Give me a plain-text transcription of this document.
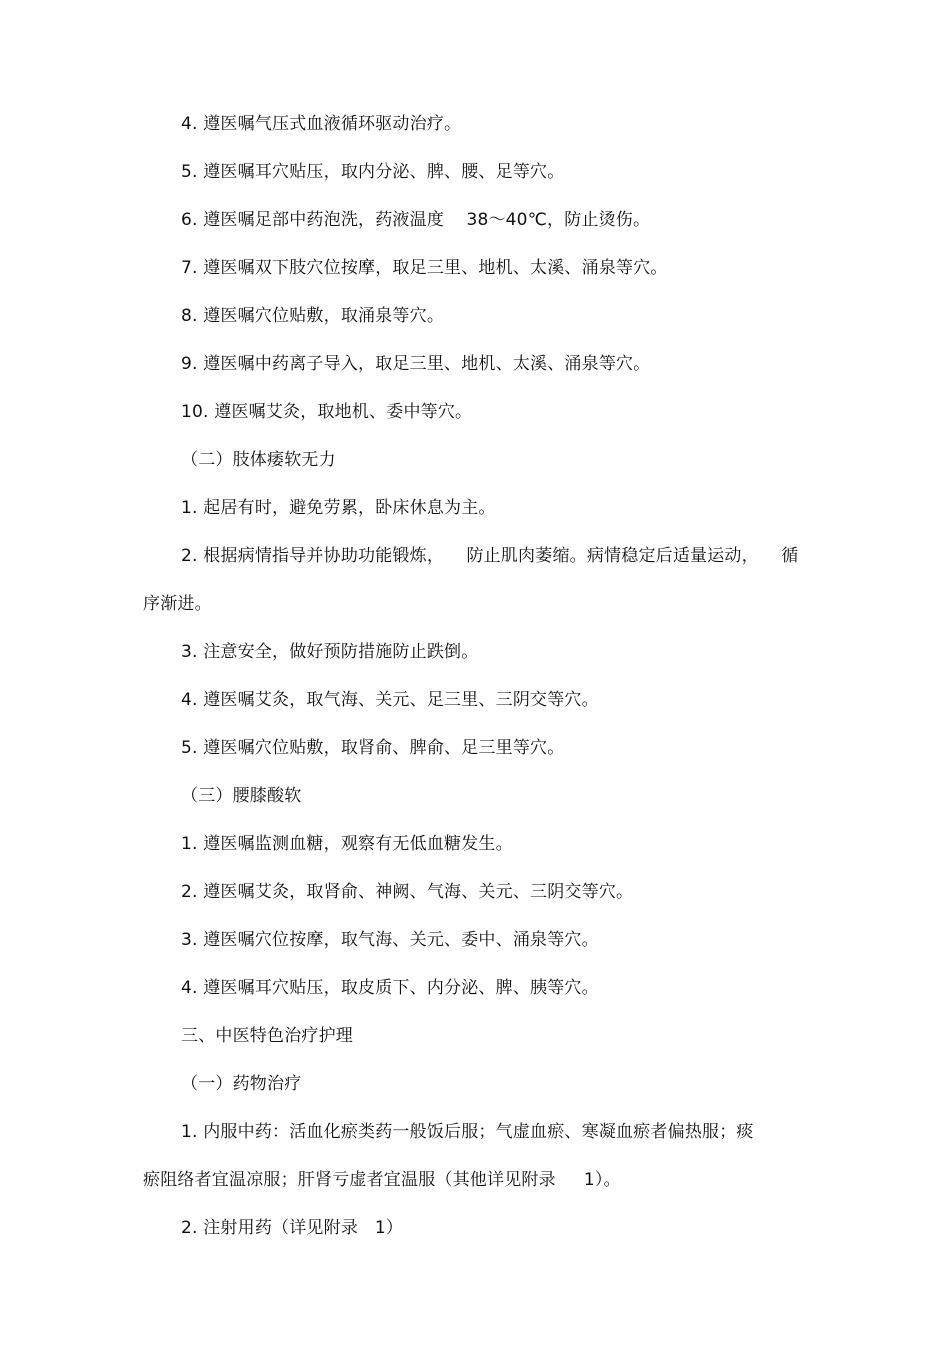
4. 遵医嘱气压式血液循环驱动治疗。
5. 遵医嘱耳穴贴压，取内分泌、脾、腰、足等穴。
6. 遵医嘱足部中药泡洗，药液温度    38～40℃，防止烫伤。
7. 遵医嘱双下肢穴位按摩，取足三里、地机、太溪、涌泉等穴。
8. 遵医嘱穴位贴敷，取涌泉等穴。
9. 遵医嘱中药离子导入，取足三里、地机、太溪、涌泉等穴。
10. 遵医嘱艾灸，取地机、委中等穴。
（二）肢体痿软无力
1. 起居有时，避免劳累，卧床休息为主。
2. 根据病情指导并协助功能锻炼，    防止肌肉萎缩。病情稳定后适量运动，    循
序渐进。
3. 注意安全，做好预防措施防止跌倒。
4. 遵医嘱艾灸，取气海、关元、足三里、三阴交等穴。
5. 遵医嘱穴位贴敷，取肾俞、脾俞、足三里等穴。
（三）腰膝酸软
1. 遵医嘱监测血糖，观察有无低血糖发生。
2. 遵医嘱艾灸，取肾俞、神阙、气海、关元、三阴交等穴。
3. 遵医嘱穴位按摩，取气海、关元、委中、涌泉等穴。
4. 遵医嘱耳穴贴压，取皮质下、内分泌、脾、胰等穴。
三、中医特色治疗护理
（一）药物治疗
1. 内服中药：活血化瘀类药一般饭后服；气虚血瘀、寒凝血瘀者偏热服；痰
瘀阻络者宜温凉服；肝肾亏虚者宜温服（其他详见附录     1）。
2. 注射用药（详见附录   1）
